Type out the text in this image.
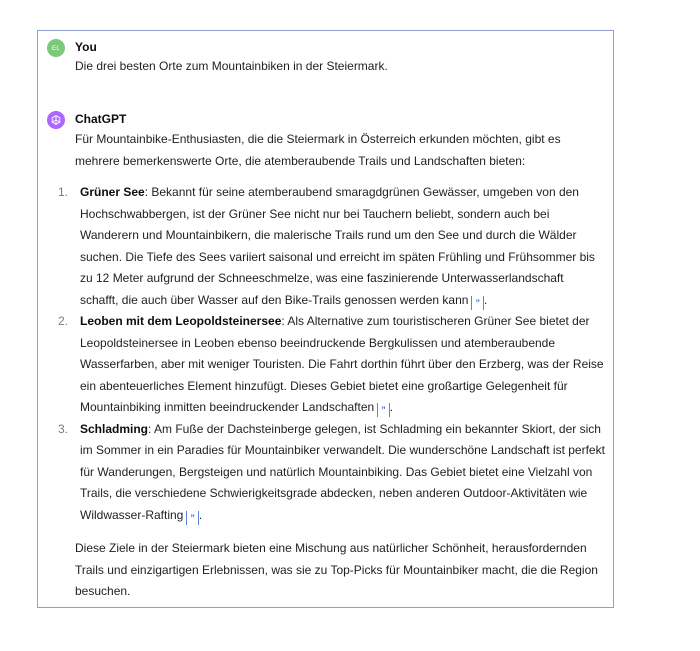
EL You

Die drei besten Orte zum Mountainbiken in der Steiermark.

ChatGPT

Für Mountainbike-Enthusiasten, die die Steiermark in Österreich erkunden möchten, gibt es mehrere bemerkenswerte Orte, die atemberaubende Trails und Landschaften bieten:

1. Grüner See: Bekannt für seine atemberaubend smaragdgrünen Gewässer, umgeben von den Hochschwabbergen, ist der Grüner See nicht nur bei Tauchern beliebt, sondern auch bei Wanderern und Mountainbikern, die malerische Trails rund um den See und durch die Wälder suchen. Die Tiefe des Sees variiert saisonal und erreicht im späten Frühling und Frühsommer bis zu 12 Meter aufgrund der Schneeschmelze, was eine faszinierende Unterwasserlandschaft schafft, die auch über Wasser auf den Bike-Trails genossen werden kann ” .
2. Leoben mit dem Leopoldsteinersee: Als Alternative zum touristischeren Grüner See bietet der Leopoldsteinersee in Leoben ebenso beeindruckende Bergkulissen und atemberaubende Wasserfarben, aber mit weniger Touristen. Die Fahrt dorthin führt über den Erzberg, was der Reise ein abenteuerliches Element hinzufügt. Dieses Gebiet bietet eine großartige Gelegenheit für Mountainbiking inmitten beeindruckender Landschaften ” .
3. Schladming: Am Fuße der Dachsteinberge gelegen, ist Schladming ein bekannter Skiort, der sich im Sommer in ein Paradies für Mountainbiker verwandelt. Die wunderschöne Landschaft ist perfekt für Wanderungen, Bergsteigen und natürlich Mountainbiking. Das Gebiet bietet eine Vielzahl von Trails, die verschiedene Schwierigkeitsgrade abdecken, neben anderen Outdoor-Aktivitäten wie Wildwasser-Rafting ” .

Diese Ziele in der Steiermark bieten eine Mischung aus natürlicher Schönheit, herausfordernden Trails und einzigartigen Erlebnissen, was sie zu Top-Picks für Mountainbiker macht, die die Region besuchen.
